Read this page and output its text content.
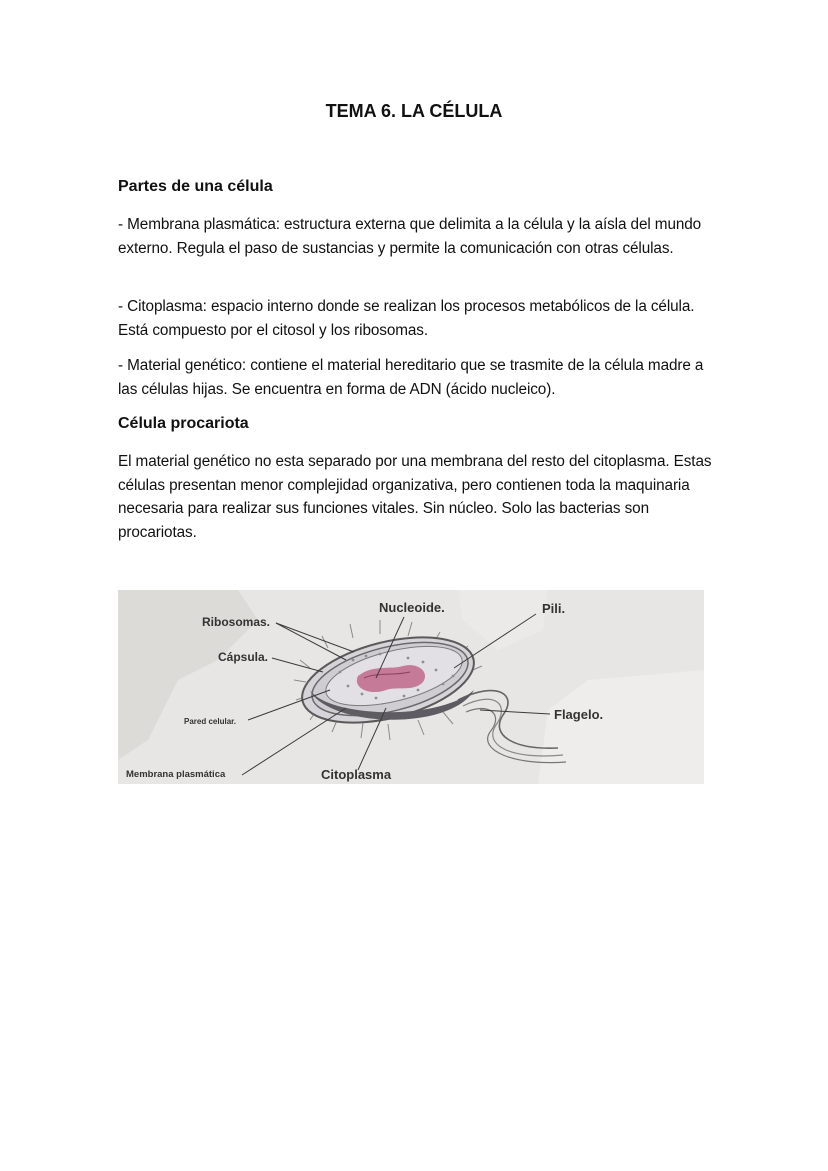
TEMA 6. LA CÉLULA
Partes de una célula

- Membrana plasmática: estructura externa que delimita a la célula y la aísla del mundo externo. Regula el paso de sustancias y permite la comunicación con otras células.

- Citoplasma: espacio interno donde se realizan los procesos metabólicos de la célula. Está compuesto por el citosol y los ribosomas.

- Material genético: contiene el material hereditario que se trasmite de la célula madre a las células hijas. Se encuentra en forma de ADN (ácido nucleico).

Célula procariota

El material genético no esta separado por una membrana del resto del citoplasma. Estas células presentan menor complejidad organizativa, pero contienen toda la maquinaria necesaria para realizar sus funciones vitales. Sin núcleo. Solo las bacterias son procariotas.

Ribosomas.

Cápsula.

Pared celular.

Membrana plasmática

Nucleoide.	Pili.

Flagelo.

Citoplasma
